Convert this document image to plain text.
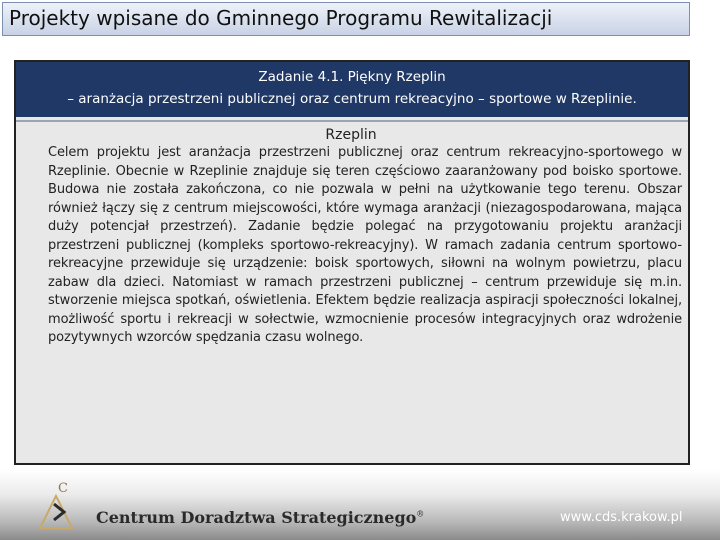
Projekty wpisane do Gminnego Programu Rewitalizacji
Zadanie 4.1. Piękny Rzeplin
– aranżacja przestrzeni publicznej oraz centrum rekreacyjno – sportowe w Rzeplinie.
Rzeplin

Celem projektu jest aranżacja przestrzeni publicznej oraz centrum rekreacyjno-sportowego w Rzeplinie. Obecnie w Rzeplinie znajduje się teren częściowo zaaranżowany pod boisko sportowe. Budowa nie została zakończona, co nie pozwala w pełni na użytkowanie tego terenu. Obszar również łączy się z centrum miejscowości, które wymaga aranżacji (niezagospodarowana, mająca duży potencjał przestrzeń). Zadanie będzie polegać na przygotowaniu projektu aranżacji przestrzeni publicznej (kompleks sportowo-rekreacyjny). W ramach zadania centrum sportowo-rekreacyjne przewiduje się urządzenie: boisk sportowych, siłowni na wolnym powietrzu, placu zabaw dla dzieci. Natomiast w ramach przestrzeni publicznej – centrum przewiduje się m.in. stworzenie miejsca spotkań, oświetlenia. Efektem będzie realizacja aspiracji społeczności lokalnej, możliwość sportu i rekreacji w sołectwie, wzmocnienie procesów integracyjnych oraz wdrożenie pozytywnych wzorców spędzania czasu wolnego.

C
Centrum Doradztwa Strategicznego®	www.cds.krakow.pl
